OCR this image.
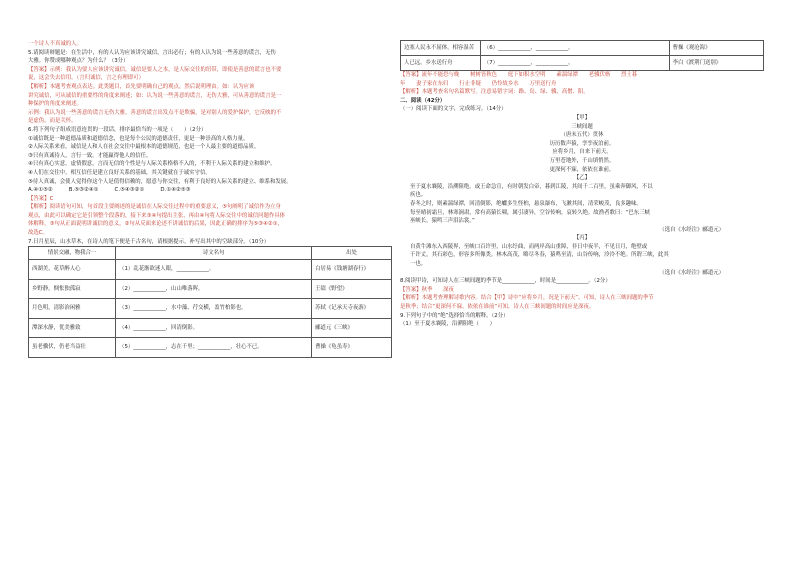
一个诗人不真诚的人。
5.请阅读辩题是：在生活中，有的人认为应该讲究诚信，言出必行；有的人认为说一些善意的谎言，无伤
大雅。你赞成哪种观点？为什么？（3分）
【答案】示例：我认为要人应该讲究诚信，诚信是要人之本，是人际交往的纽带，即使是善意的谎言也不要
说，这会失去信用。（言归诚信，言之有理即可）
【解析】本题考查观点表达。此类题目，首先要明确自己的观点，然后说明理由。如：认为应该
讲究诚信，可从诚信的重要性的角度来阐述；如：认为说一些善意的谎言，无伤大雅，可从善意的谎言是一
种保护的角度来阐述。
示例：我认为说一些善意的谎言无伤大雅。善意的谎言出发点不是欺骗，是对别人的爱护保护，它反映的不
是虚伪，而是关怀。
6.将下列句子组成语意连贯的一段话，排序最恰当的一项是（　　）（2分）
①诚信既是一种道德品质和道德信念，也是每个公民的道德责任，更是一种崇高的人格力量。
②人际关系来看，诚信是人和人在社会交往中最根本的道德规范，也是一个人最主要的道德品质。
③只有真诚待人，言行一致，才能赢得他人的信任。
④只有真心实意，虚情假意，言而无信的个性是与人际关系格格不入的，不利于人际关系的建立和维护。
④人们在交往中，相互信任是建立良好关系的基础，其关键就在于诚实守信。
⑤待人真诚，会使人觉得你这个人是值得信赖的，愿意与你交往，有利于良好的人际关系的建立、维系和发展。
A.④①⑤②　　　B.⑤③②④①　　　C.⑤④③②①　　　D.①④②⑤③
【答案】C
【解析】阅读语句可知，句首段主要阐述的是诚信在人际交往过程中的重要意义，⑤句阐明了诚信作为立身
观点，由此可以确定它是引领整个段落的，接下来③④句提出主张，再由④句将人际交往中的诚信问题作具体
体解释，③句从正面说明讲诚信的意义，②句从反面来论述不讲诚信的后果，因此正确的排序为⑤③④②①，
故选C。
7.日月星辰，山水草木，在诗人的笔下便是千古名句，请根据提示，补写出其中的空缺部分。（10分）
情景交融，物我合一	诗文名句	出处
西湖美，花草醉人心	（1）乱花渐欲迷人眼，____________。	白居易《钱塘湖春行》
乡野静，惆怅独孤寂	（2）____________，山山唯落晖。	王绩《野望》
月色明，清影治闲雅	（3）____________，水中藻、荇交横，盖竹柏影也。	苏轼《记承天寺夜游》
潭深水静，优美雅致	（4）____________，回清倒影。	郦道元《三峡》
虽老骥伏，仍老当益壮	（5）____________，志在千里；____________，壮心不已。	曹操《龟虽寿》
边塞人民永不屈体，相容湿苦	（6）____________，____________。	曹操《观沧海》
人已远，乡水送行舟	（7）____________，____________。	李白《渡荆门送别》
【答案】流年不能恐与晚　　树树皆秋色　　庭下如积水空明　　素湍绿潭　　老骥伏枥　　烈士暮
年　　妻子家在东归　　行止非疑　　仍怜故乡水　　万里送行舟
【解析】本题考查名句名篇默写。注意易错字词：路、岛、绿、骥、高僧、阳。
二、阅读（42分）
（一）阅读下面的文字，完成练习。（14分）
【甲】
三峡间题
（唐末五代）贯休
历历数声猿，孪孪夜泊前。
应将乡月，自来下前天。
万里苍地外，千山填悄然。
更深何不寐，依依在谁前。
【乙】
至于夏水襄陵，沿溯阻绝。或王命急宣，有时朝发白帝，暮到江陵，其间千二百里，虽乘奔御风，不以
疾也。
春冬之时，则素湍绿潭，回清倒影，绝巘多生怪柏，悬泉瀑布，飞漱其间，清荣峻茂，良多趣味。
每至晴初霜旦，林寒涧肃，常有高猿长啸，属引凄异，空谷传响，哀转久绝。故渔者歌曰：“巴东三峡
巫峡长，猿鸣三声泪沾裳。”
（选自《水经注》郦道元）
【丙】
自黄牛滩东入西陵界，至峡口百许里，山水纡曲，而两岸高山重障，非日中夜半，不见日月，绝壁或
千许丈，其石彩色，形容多所像类。林木高茂，略尽冬春，猿鸣至清，山谷传响，泠泠不绝。所谓三峡，此其
一也。
（选自《水经注》郦道元）
8.阅读甲诗，可知诗人在三峡间题的季节是____________，时间是____________。（2分）
【答案】秋季　　深夜
【解析】本题考查理解诗歌内容。结合【甲】诗中“应将乡月，况是下前天”，可知，诗人在三峡间题的季节
是秋季；结合“更深何不寐，依依在谁前”可知，诗人在三峡间题的时间应是深夜。
9.下列句子中的“绝”选择恰当的解释。（2分）
（1）至于夏水襄陵，沿溯阻绝（　　）
